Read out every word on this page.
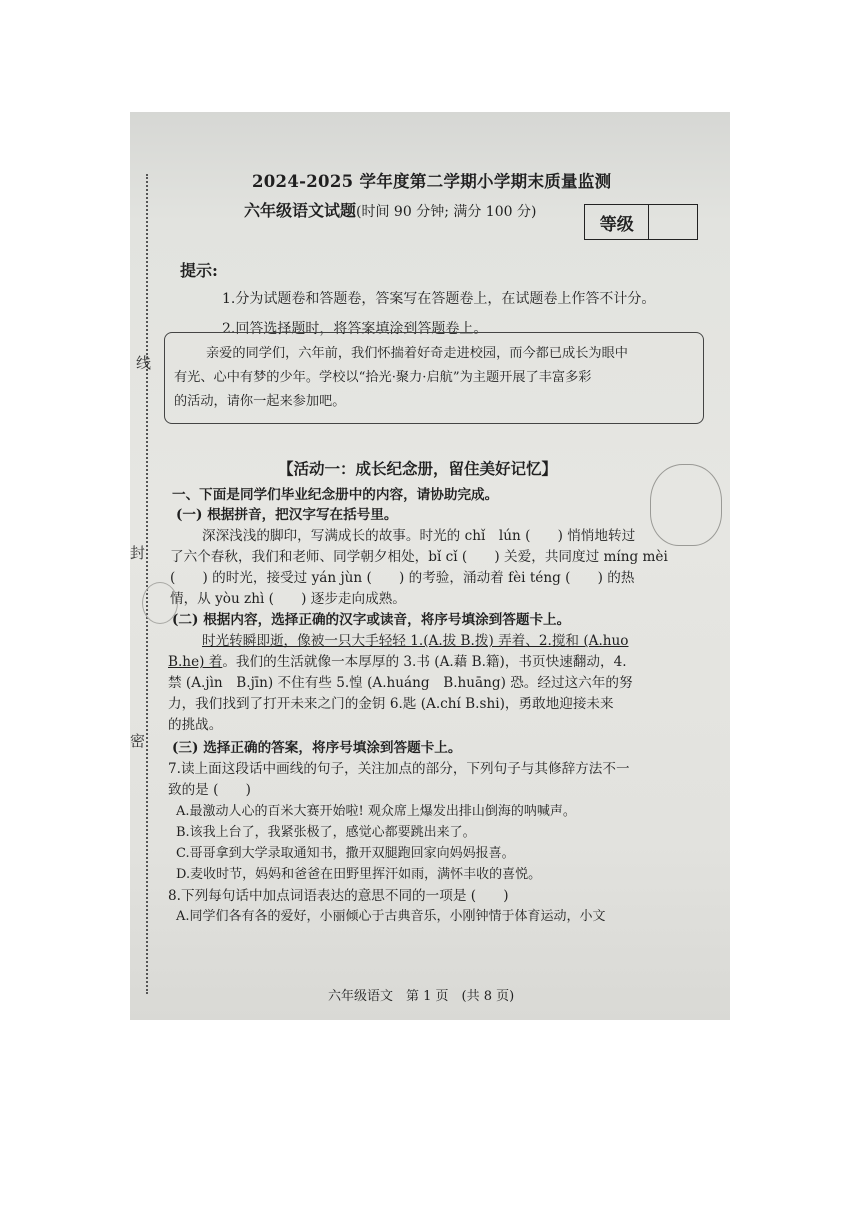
线
封
密
2024-2025 学年度第二学期小学期末质量监测
六年级语文试题(时间 90 分钟; 满分 100 分)
等级
提示:
1.分为试题卷和答题卷，答案写在答题卷上，在试题卷上作答不计分。
2.回答选择题时，将答案填涂到答题卷上。
亲爱的同学们，六年前，我们怀揣着好奇走进校园，而今都已成长为眼中
有光、心中有梦的少年。学校以“拾光·聚力·启航”为主题开展了丰富多彩
的活动，请你一起来参加吧。
【活动一：成长纪念册，留住美好记忆】
一、下面是同学们毕业纪念册中的内容，请协助完成。
(一) 根据拼音，把汉字写在括号里。
深深浅浅的脚印，写满成长的故事。时光的 chǐ　lún (　　) 悄悄地转过
了六个春秋，我们和老师、同学朝夕相处，bǐ cǐ (　　) 关爱，共同度过 míng mèi
(　　) 的时光，接受过 yán jùn (　　) 的考验，涌动着 fèi téng (　　) 的热
情，从 yòu zhì (　　) 逐步走向成熟。
(二) 根据内容，选择正确的汉字或读音，将序号填涂到答题卡上。
时光转瞬即逝，像被一只大手轻轻 1.(A.拔 B.拨) 弄着、2.搅和 (A.huo
B.he) 着。我们的生活就像一本厚厚的 3.书 (A.藉 B.籍)，书页快速翻动，4.
禁 (A.jìn　B.jīn) 不住有些 5.惶 (A.huáng　B.huāng) 恐。经过这六年的努
力，我们找到了打开未来之门的金钥 6.匙 (A.chí B.shi)，勇敢地迎接未来
的挑战。
(三) 选择正确的答案，将序号填涂到答题卡上。
7.读上面这段话中画线的句子，关注加点的部分，下列句子与其修辞方法不一
致的是 (　　)
A.最激动人心的百米大赛开始啦! 观众席上爆发出排山倒海的呐喊声。
B.该我上台了，我紧张极了，感觉心都要跳出来了。
C.哥哥拿到大学录取通知书，撒开双腿跑回家向妈妈报喜。
D.麦收时节，妈妈和爸爸在田野里挥汗如雨，满怀丰收的喜悦。
8.下列每句话中加点词语表达的意思不同的一项是 (　　)
A.同学们各有各的爱好，小丽倾心于古典音乐，小刚钟情于体育运动，小文
六年级语文　第 1 页　(共 8 页)
